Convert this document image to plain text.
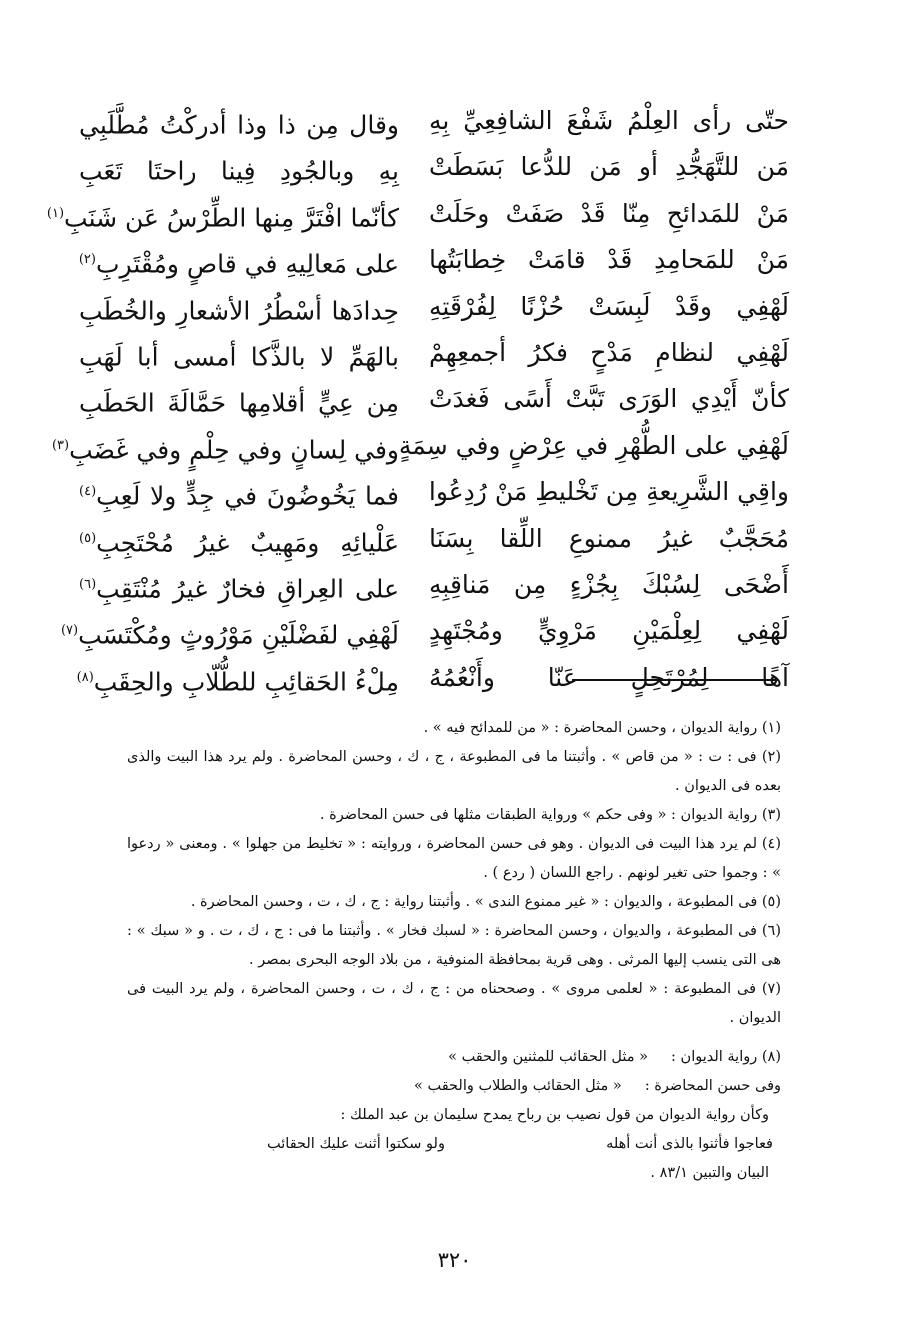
حتّى رأى العِلْمُ شَفْعَ الشافِعِيِّ بِهِ
مَن للتَّهَجُّدِ أو مَن للدُّعا بَسَطَتْ
مَنْ للمَدائحِ مِنّا قَدْ صَفَتْ وحَلَتْ
مَنْ للمَحامِدِ قَدْ قامَتْ خِطابَتُها
لَهْفِي وقَدْ لَبِسَتْ حُزْنًا لِفُرْقَتِهِ
لَهْفِي لنظامِ مَدْحٍ فكرُ أجمعِهِمْ
كأنّ أَيْدِي الوَرَى تَبَّتْ أَسًى فَغدَتْ
لَهْفِي على الطُّهْرِ في عِرْضٍ وفي سِمَةٍ
واقِي الشَّرِيعةِ مِن تَخْليطِ مَنْ رُدِعُوا
مُحَجَّبٌ غيرُ ممنوعِ اللِّقا بِسَنَا
أَضْحَى لِسُبْكَ بِجُزْءٍ مِن مَناقِبِهِ
لَهْفِي لِعِلْمَيْنِ مَرْوِيٍّ ومُجْتَهِدٍ
آهًا لِمُرْتَحِلٍ عَنّا وأَنْعُمُهُ
وقال مِن ذا وذا أدركْتُ مُطَّلَبِي
بِهِ وبالجُودِ فِينا راحتَا تَعَبِ
كأنّما افْتَرَّ مِنها الطِّرْسُ عَن شَنَبِ$^{(١)}$
على مَعالِيهِ في قاصٍ ومُقْتَرِبِ$^{(٢)}$
حِدادَها أسْطُرُ الأشعارِ والخُطَبِ
بالهَمِّ لا بالذَّكا أمسى أبا لَهَبِ
مِن عِيٍّ أقلامِها حَمَّالَةَ الحَطَبِ
وفي لِسانٍ وفي حِلْمٍ وفي غَضَبِ$^{(٣)}$
فما يَخُوضُونَ في جِدٍّ ولا لَعِبِ$^{(٤)}$
عَلْيائِهِ ومَهِيبٌ غيرُ مُحْتَجِبِ$^{(٥)}$
على العِراقِ فخارٌ غيرُ مُنْتَقِبِ$^{(٦)}$
لَهْفِي لفَضْلَيْنِ مَوْرُوثٍ ومُكْتَسَبِ$^{(٧)}$
مِلْءُ الحَقائِبِ للطُّلّابِ والحِقَبِ$^{(٨)}$
(١) رواية الديوان ، وحسن المحاضرة : « من للمدائح فيه » .
(٢) فى : ت : « من قاص » . وأثبتنا ما فى المطبوعة ، ج ، ك ، وحسن المحاضرة . ولم يرد هذا البيت والذى بعده فى الديوان .
(٣) رواية الديوان : « وفى حكم » ورواية الطبقات مثلها فى حسن المحاضرة .
(٤) لم يرد هذا البيت فى الديوان . وهو فى حسن المحاضرة ، وروايته : « تخليط من جهلوا » . ومعنى « ردعوا » : وجموا حتى تغير لونهم . راجع اللسان ( ردع ) .
(٥) فى المطبوعة ، والديوان : « غير ممنوع الندى » . وأثبتنا رواية : ج ، ك ، ت ، وحسن المحاضرة .
(٦) فى المطبوعة ، والديوان ، وحسن المحاضرة : « لسبك فخار » . وأثبتنا ما فى : ج ، ك ، ت . و « سبك » : هى التى ينسب إليها المرثى . وهى قرية بمحافظة المنوفية ، من بلاد الوجه البحرى بمصر .
(٧) فى المطبوعة : « لعلمى مروى » . وصححناه من : ج ، ك ، ت ، وحسن المحاضرة ، ولم يرد البيت فى الديوان .
(٨) رواية الديوان :     « مثل الحقائب للمثنين والحقب »
وفى حسن المحاضرة :     « مثل الحقائب والطلاب والحقب »
وكأن رواية الديوان من قول نصيب بن رباح يمدح سليمان بن عبد الملك :
فعاجوا فأثنوا بالذى أنت أهله
ولو سكتوا أثنت عليك الحقائب
البيان والتبين ٨٣/١ .
٣٢٠
